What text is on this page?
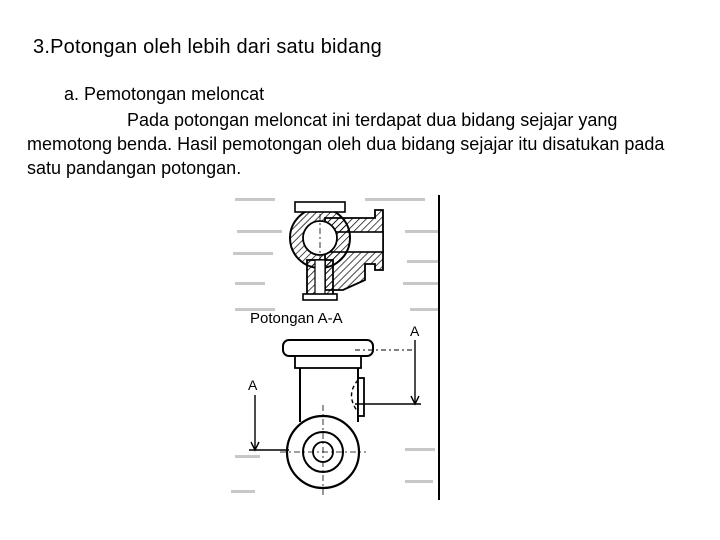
3.Potongan oleh lebih dari satu bidang
a. Pemotongan meloncat
Pada potongan meloncat ini terdapat dua bidang sejajar yang memotong benda. Hasil pemotongan oleh dua bidang sejajar itu disatukan pada satu pandangan potongan.
Potongan A-A
A
A
